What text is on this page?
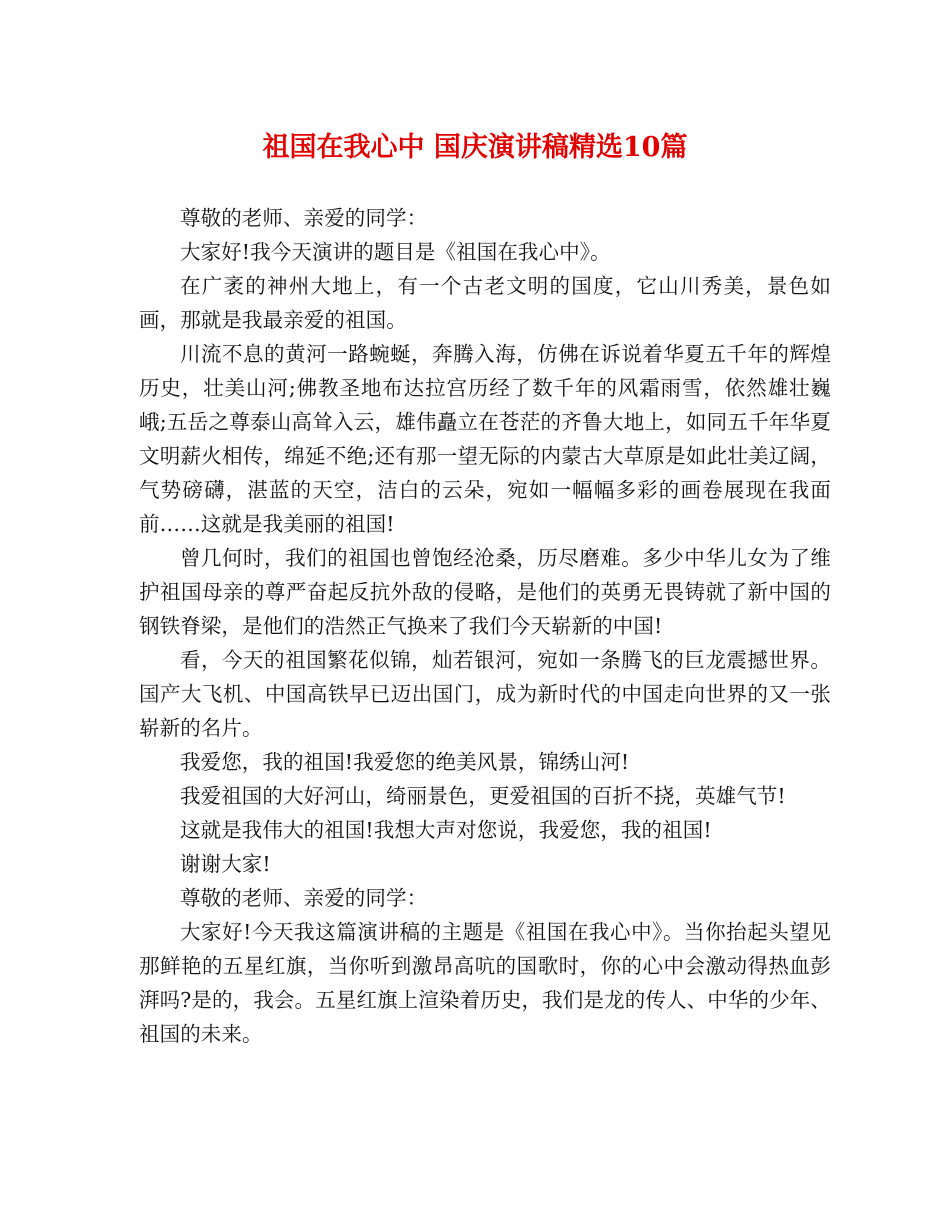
祖国在我心中 国庆演讲稿精选10篇

尊敬的老师、亲爱的同学：

大家好!我今天演讲的题目是《祖国在我心中》。

在广袤的神州大地上，有一个古老文明的国度，它山川秀美，景色如画，那就是我最亲爱的祖国。

川流不息的黄河一路蜿蜒，奔腾入海，仿佛在诉说着华夏五千年的辉煌历史，壮美山河;佛教圣地布达拉宫历经了数千年的风霜雨雪，依然雄壮巍峨;五岳之尊泰山高耸入云，雄伟矗立在苍茫的齐鲁大地上，如同五千年华夏文明薪火相传，绵延不绝;还有那一望无际的内蒙古大草原是如此壮美辽阔，气势磅礴，湛蓝的天空，洁白的云朵，宛如一幅幅多彩的画卷展现在我面前……这就是我美丽的祖国!

曾几何时，我们的祖国也曾饱经沧桑，历尽磨难。多少中华儿女为了维护祖国母亲的尊严奋起反抗外敌的侵略，是他们的英勇无畏铸就了新中国的钢铁脊梁，是他们的浩然正气换来了我们今天崭新的中国!

看，今天的祖国繁花似锦，灿若银河，宛如一条腾飞的巨龙震撼世界。国产大飞机、中国高铁早已迈出国门，成为新时代的中国走向世界的又一张崭新的名片。

我爱您，我的祖国!我爱您的绝美风景，锦绣山河!

我爱祖国的大好河山，绮丽景色，更爱祖国的百折不挠，英雄气节!

这就是我伟大的祖国!我想大声对您说，我爱您，我的祖国!

谢谢大家!

尊敬的老师、亲爱的同学：

大家好!今天我这篇演讲稿的主题是《祖国在我心中》。当你抬起头望见那鲜艳的五星红旗，当你听到激昂高吭的国歌时，你的心中会激动得热血彭湃吗?是的，我会。五星红旗上渲染着历史，我们是龙的传人、中华的少年、祖国的未来。
